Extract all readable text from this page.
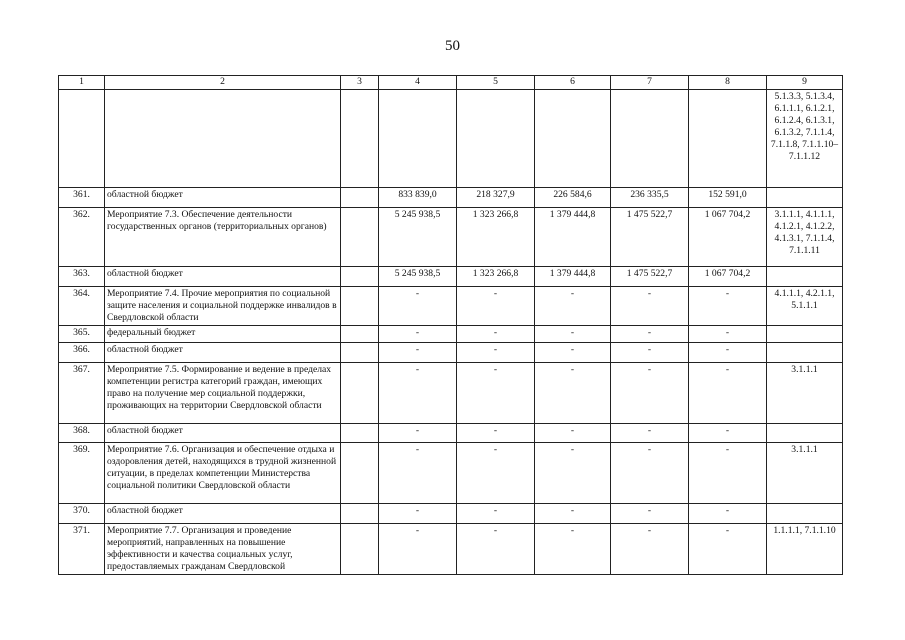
50
1	2	3	4	5	6	7	8	9
								5.1.3.3, 5.1.3.4, 6.1.1.1, 6.1.2.1, 6.1.2.4, 6.1.3.1, 6.1.3.2, 7.1.1.4, 7.1.1.8, 7.1.1.10– 7.1.1.12
361.	областной бюджет		833 839,0	218 327,9	226 584,6	236 335,5	152 591,0	
362.	Мероприятие 7.3. Обеспечение деятельности государственных органов (территориальных органов)		5 245 938,5	1 323 266,8	1 379 444,8	1 475 522,7	1 067 704,2	3.1.1.1, 4.1.1.1, 4.1.2.1, 4.1.2.2, 4.1.3.1, 7.1.1.4, 7.1.1.11
363.	областной бюджет		5 245 938,5	1 323 266,8	1 379 444,8	1 475 522,7	1 067 704,2	
364.	Мероприятие 7.4. Прочие мероприятия по социальной защите населения и социальной поддержке инвалидов в Свердловской области		-	-	-	-	-	4.1.1.1, 4.2.1.1, 5.1.1.1
365.	федеральный бюджет		-	-	-	-	-	
366.	областной бюджет		-	-	-	-	-	
367.	Мероприятие 7.5. Формирование и ведение в пределах компетенции регистра категорий граждан, имеющих право на получение мер социальной поддержки, проживающих на территории Свердловской области		-	-	-	-	-	3.1.1.1
368.	областной бюджет		-	-	-	-	-	
369.	Мероприятие 7.6. Организация и обеспечение отдыха и оздоровления детей, находящихся в трудной жизненной ситуации, в пределах компетенции Министерства социальной политики Свердловской области		-	-	-	-	-	3.1.1.1
370.	областной бюджет		-	-	-	-	-	
371.	Мероприятие 7.7. Организация и проведение мероприятий, направленных на повышение эффективности и качества социальных услуг, предоставляемых гражданам Свердловской		-	-	-	-	-	1.1.1.1, 7.1.1.10
